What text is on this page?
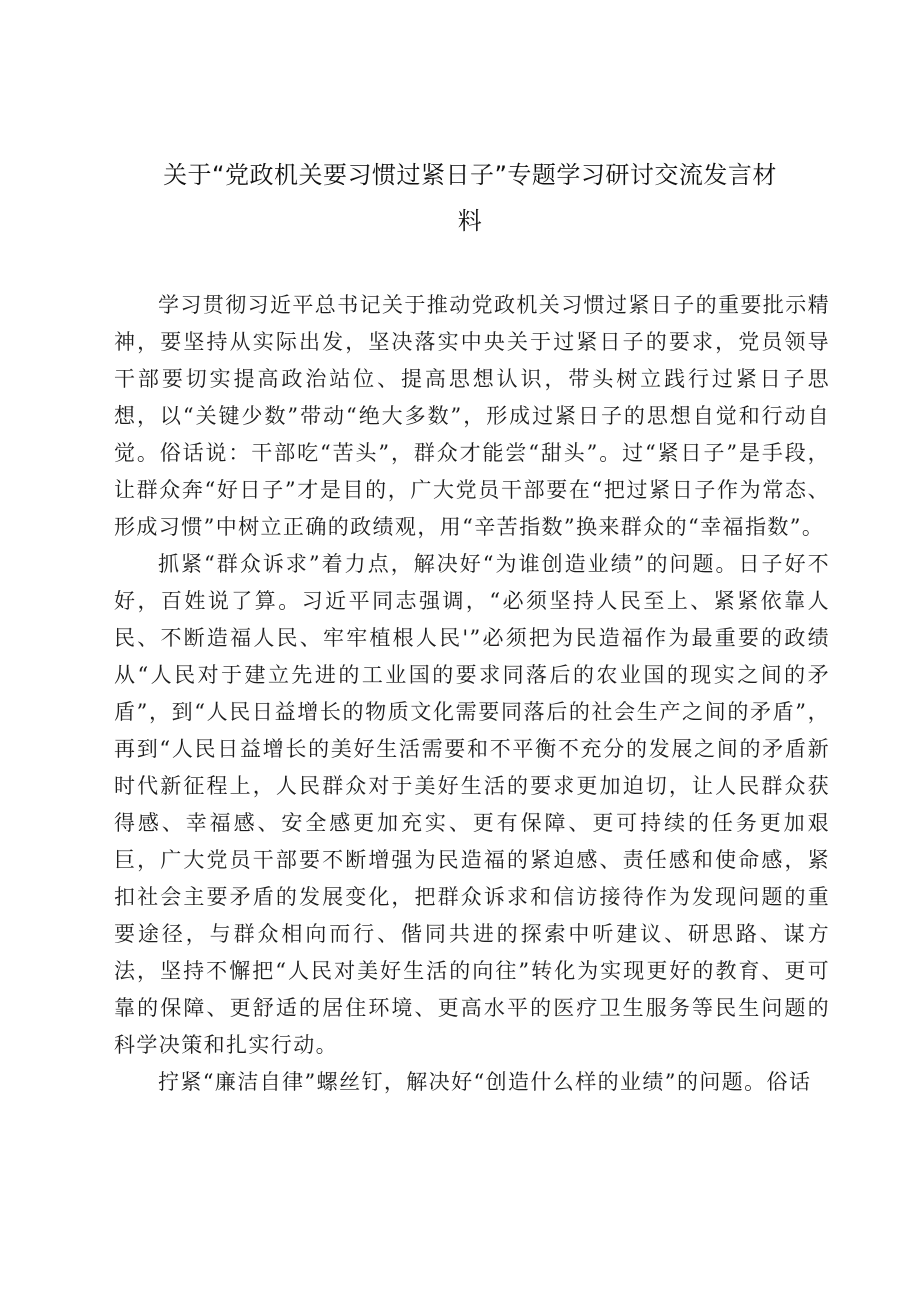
关于“党政机关要习惯过紧日子”专题学习研讨交流发言材料

学习贯彻习近平总书记关于推动党政机关习惯过紧日子的重要批示精神，要坚持从实际出发，坚决落实中央关于过紧日子的要求，党员领导干部要切实提高政治站位、提高思想认识，带头树立践行过紧日子思想，以“关键少数”带动“绝大多数”，形成过紧日子的思想自觉和行动自觉。俗话说：干部吃“苦头”，群众才能尝“甜头”。过“紧日子”是手段，让群众奔“好日子”才是目的，广大党员干部要在“把过紧日子作为常态、形成习惯”中树立正确的政绩观，用“辛苦指数”换来群众的“幸福指数”。

抓紧“群众诉求”着力点，解决好“为谁创造业绩”的问题。日子好不好，百姓说了算。习近平同志强调，“必须坚持人民至上、紧紧依靠人民、不断造福人民、牢牢植根人民'”必须把为民造福作为最重要的政绩从“人民对于建立先进的工业国的要求同落后的农业国的现实之间的矛盾”，到“人民日益增长的物质文化需要同落后的社会生产之间的矛盾”，再到“人民日益增长的美好生活需要和不平衡不充分的发展之间的矛盾新时代新征程上，人民群众对于美好生活的要求更加迫切，让人民群众获得感、幸福感、安全感更加充实、更有保障、更可持续的任务更加艰巨，广大党员干部要不断增强为民造福的紧迫感、责任感和使命感，紧扣社会主要矛盾的发展变化，把群众诉求和信访接待作为发现问题的重要途径，与群众相向而行、偕同共进的探索中听建议、研思路、谋方法，坚持不懈把“人民对美好生活的向往”转化为实现更好的教育、更可靠的保障、更舒适的居住环境、更高水平的医疗卫生服务等民生问题的科学决策和扎实行动。

拧紧“廉洁自律”螺丝钉，解决好“创造什么样的业绩”的问题。俗话
